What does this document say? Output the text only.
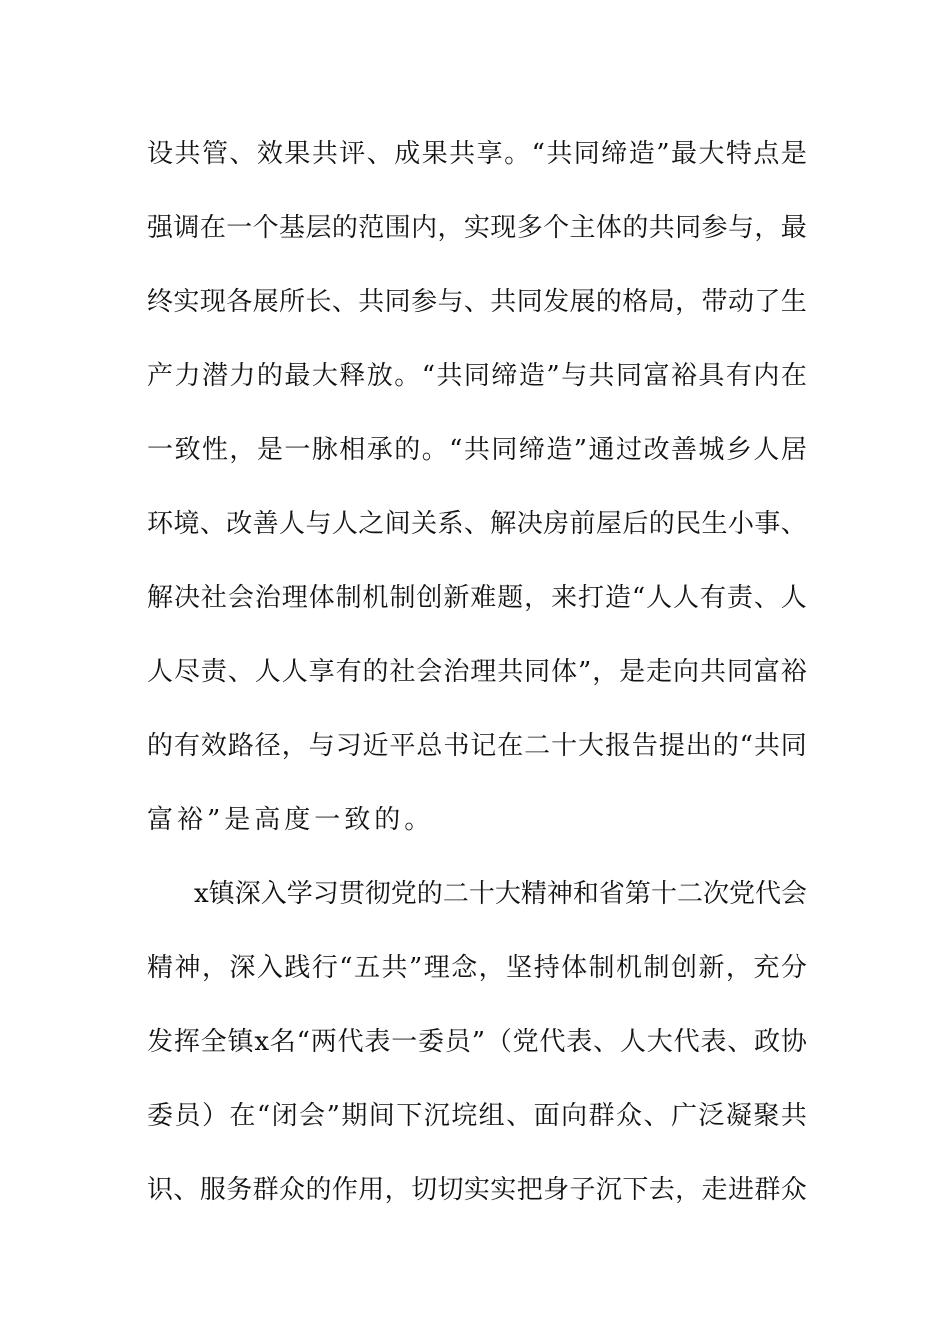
设 共 管 、 效 果 共 评 、 成 果 共 享 。 “ 共 同 缔 造 ” 最 大 特 点 是
强 调 在 一 个 基 层 的 范 围 内 ， 实 现 多 个 主 体 的 共 同 参 与 ， 最
终 实 现 各 展 所 长 、 共 同 参 与 、 共 同 发 展 的 格 局 ， 带 动 了 生
产 力 潜 力 的 最 大 释 放 。 “ 共 同 缔 造 ” 与 共 同 富 裕 具 有 内 在
一 致 性 ， 是 一 脉 相 承 的 。 “ 共 同 缔 造 ” 通 过 改 善 城 乡 人 居
环 境 、 改 善 人 与 人 之 间 关 系 、 解 决 房 前 屋 后 的 民 生 小 事 、
解 决 社 会 治 理 体 制 机 制 创 新 难 题 ， 来 打 造 “ 人 人 有 责 、 人
人 尽 责 、 人 人 享 有 的 社 会 治 理 共 同 体 ” ， 是 走 向 共 同 富 裕
的 有 效 路 径 ， 与 习 近 平 总 书 记 在 二 十 大 报 告 提 出 的 “ 共 同
富裕”是高度一致的。
x 镇 深 入 学 习 贯 彻 党 的 二 十 大 精 神 和 省 第 十 二 次 党 代 会
精 神 ， 深 入 践 行 “ 五 共 ” 理 念 ， 坚 持 体 制 机 制 创 新 ， 充 分
发 挥 全 镇 x 名 “ 两 代 表 一 委 员 ” （ 党 代 表 、 人 大 代 表 、 政 协
委 员 ） 在 “ 闭 会 ” 期 间 下 沉 垸 组 、 面 向 群 众 、 广 泛 凝 聚 共
识 、 服 务 群 众 的 作 用 ， 切 切 实 实 把 身 子 沉 下 去 ， 走 进 群 众
